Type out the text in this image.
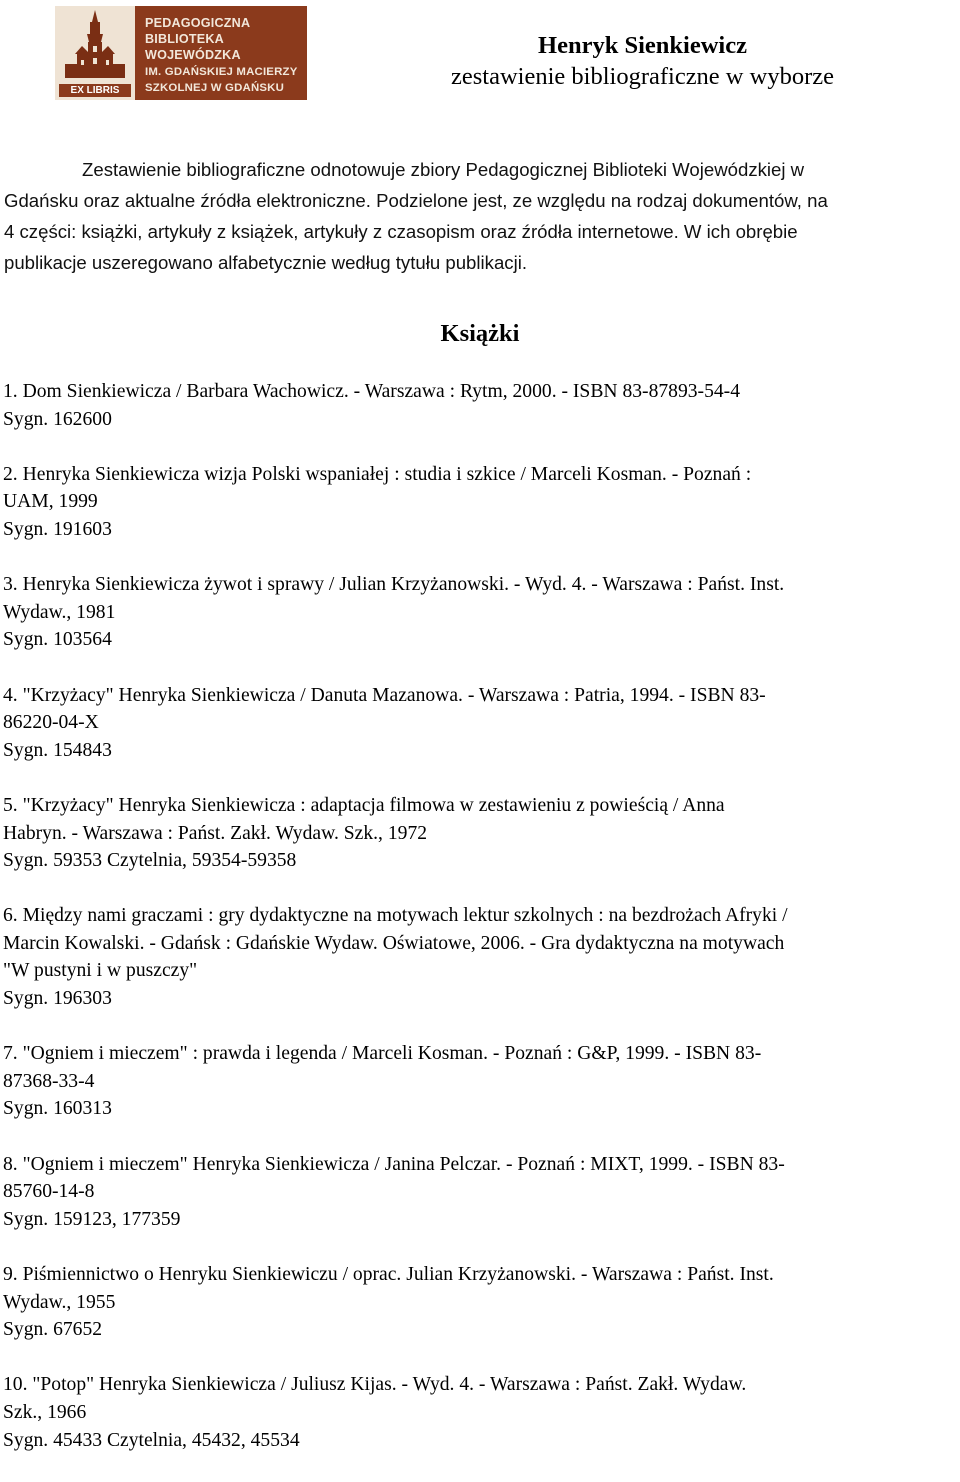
EX LIBRIS
PEDAGOGICZNA
BIBLIOTEKA
WOJEWÓDZKA
IM. GDAŃSKIEJ MACIERZY
SZKOLNEJ W GDAŃSKU
Henryk Sienkiewicz
zestawienie bibliograficzne w wyborze
Zestawienie bibliograficzne odnotowuje zbiory Pedagogicznej Biblioteki Wojewódzkiej w
Gdańsku oraz aktualne źródła elektroniczne. Podzielone jest, ze względu na rodzaj dokumentów, na
4 części: książki, artykuły z książek, artykuły z czasopism oraz źródła internetowe. W ich obrębie
publikacje uszeregowano alfabetycznie według tytułu publikacji.
Książki

1. Dom Sienkiewicza / Barbara Wachowicz. - Warszawa : Rytm, 2000. - ISBN 83-87893-54-4

Sygn. 162600

2. Henryka Sienkiewicza wizja Polski wspaniałej : studia i szkice / Marceli Kosman. - Poznań :

UAM, 1999

Sygn. 191603

3. Henryka Sienkiewicza żywot i sprawy / Julian Krzyżanowski. - Wyd. 4. - Warszawa : Państ. Inst.

Wydaw., 1981

Sygn. 103564

4. "Krzyżacy" Henryka Sienkiewicza / Danuta Mazanowa. - Warszawa : Patria, 1994. - ISBN 83-

86220-04-X

Sygn. 154843

5. "Krzyżacy" Henryka Sienkiewicza : adaptacja filmowa w zestawieniu z powieścią / Anna

Habryn. - Warszawa : Państ. Zakł. Wydaw. Szk., 1972

Sygn. 59353 Czytelnia, 59354-59358

6. Między nami graczami : gry dydaktyczne na motywach lektur szkolnych : na bezdrożach Afryki /

Marcin Kowalski. - Gdańsk : Gdańskie Wydaw. Oświatowe, 2006. - Gra dydaktyczna na motywach

"W pustyni i w puszczy"

Sygn. 196303

7. "Ogniem i mieczem" : prawda i legenda / Marceli Kosman. - Poznań : G&P, 1999. - ISBN 83-

87368-33-4

Sygn. 160313

8. "Ogniem i mieczem" Henryka Sienkiewicza / Janina Pelczar. - Poznań : MIXT, 1999. - ISBN 83-

85760-14-8

Sygn. 159123, 177359

9. Piśmiennictwo o Henryku Sienkiewiczu / oprac. Julian Krzyżanowski. - Warszawa : Państ. Inst.

Wydaw., 1955

Sygn. 67652

10. "Potop" Henryka Sienkiewicza / Juliusz Kijas. - Wyd. 4. - Warszawa : Państ. Zakł. Wydaw.

Szk., 1966

Sygn. 45433 Czytelnia, 45432, 45534
